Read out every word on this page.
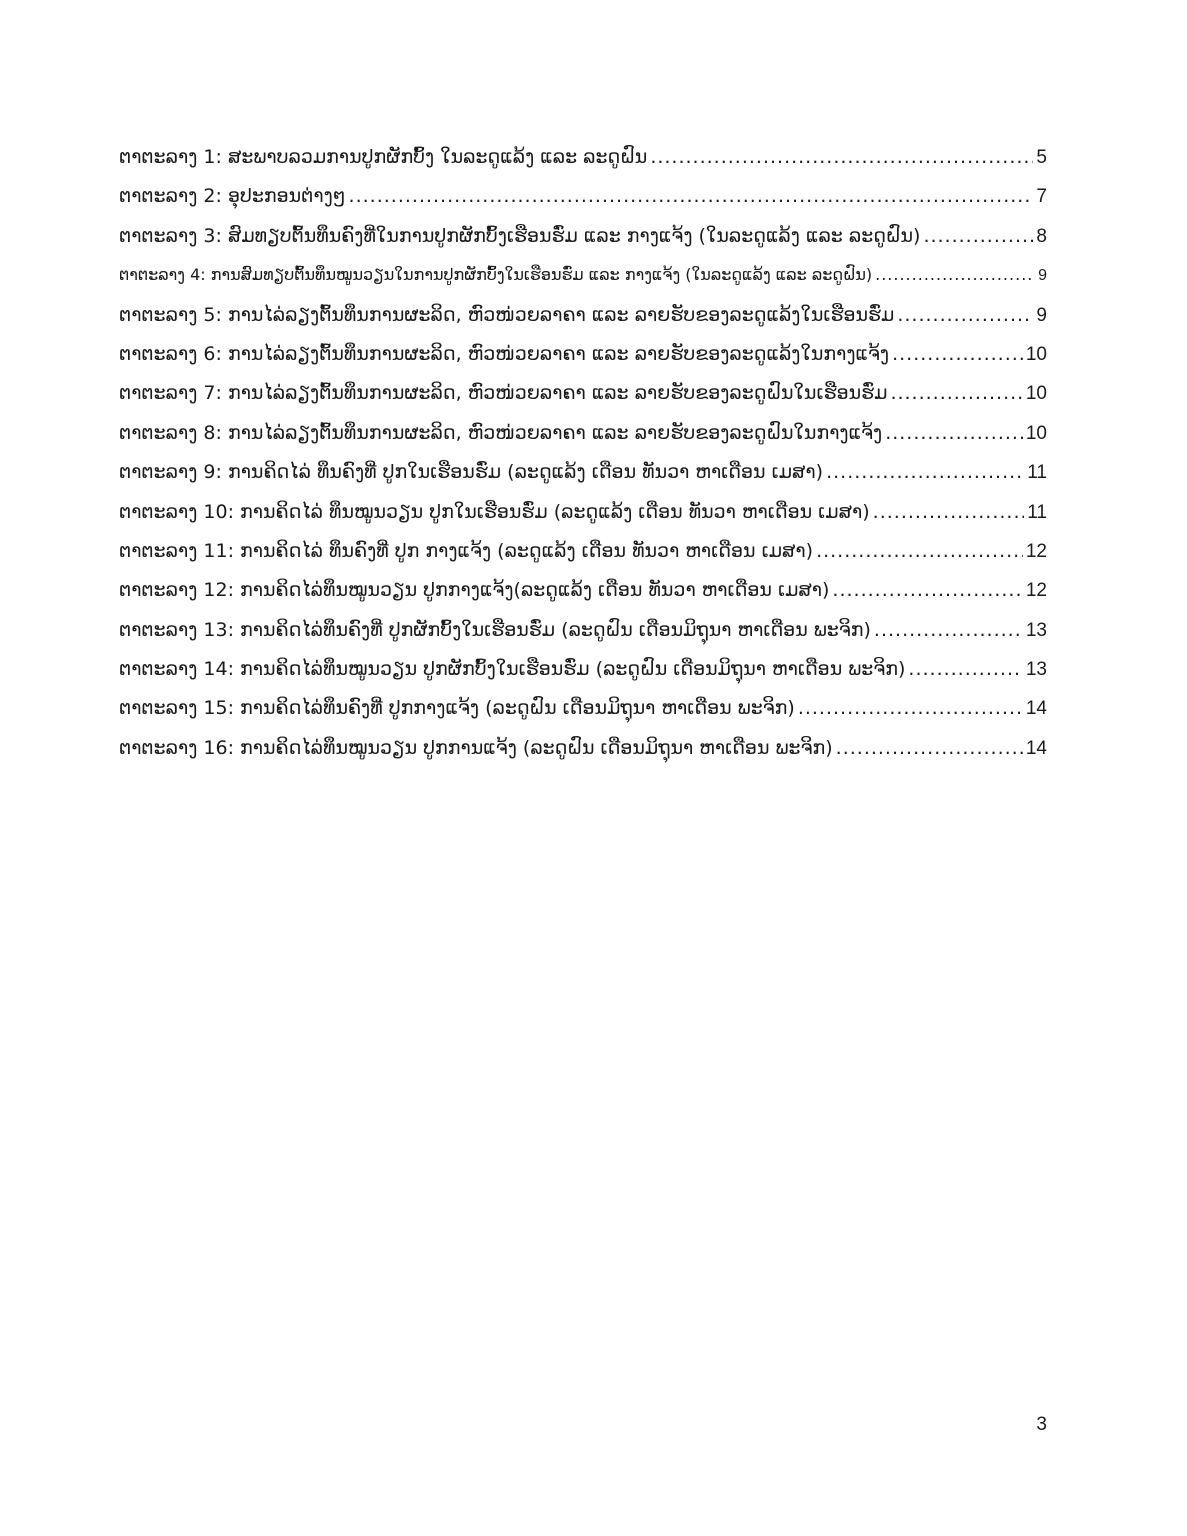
ຕາຕະລາງ 1: ສະພາບລວມການປູກຜັກບົ້ງ ໃນລະດູແລ້ງ ແລະ ລະດູຝົນ .....	5
ຕາຕະລາງ 2: ອຸປະກອນຕ່າງໆ .....	7
ຕາຕະລາງ 3: ສົມທຽບຕົ້ນທຶນຄົງທີ່ໃນການປູກຜັກບົ້ງເຮືອນຮົ່ມ ແລະ ກາງແຈ້ງ (ໃນລະດູແລ້ງ ແລະ ລະດູຝົນ) .....	8
ຕາຕະລາງ 4: ການສົມທຽບຕົ້ນທຶນໝູນວຽນໃນການປູກຜັກບົ້ງໃນເຮືອນຮົ່ມ ແລະ ກາງແຈ້ງ (ໃນລະດູແລ້ງ ແລະ ລະດູຝົນ) .....	9
ຕາຕະລາງ 5: ການໄລ່ລຽງຕົ້ນທຶນການຜະລິດ, ຫົວໜ່ວຍລາຄາ ແລະ ລາຍຮັບຂອງລະດູແລ້ງໃນເຮືອນຮົ່ມ .....	9
ຕາຕະລາງ 6: ການໄລ່ລຽງຕົ້ນທຶນການຜະລິດ, ຫົວໜ່ວຍລາຄາ ແລະ ລາຍຮັບຂອງລະດູແລ້ງໃນກາງແຈ້ງ .....	10
ຕາຕະລາງ 7: ການໄລ່ລຽງຕົ້ນທຶນການຜະລິດ, ຫົວໜ່ວຍລາຄາ ແລະ ລາຍຮັບຂອງລະດູຝົນໃນເຮືອນຮົ່ມ .....	10
ຕາຕະລາງ 8: ການໄລ່ລຽງຕົ້ນທຶນການຜະລິດ, ຫົວໜ່ວຍລາຄາ ແລະ ລາຍຮັບຂອງລະດູຝົນໃນກາງແຈ້ງ .....	10
ຕາຕະລາງ 9: ການຄິດໄລ່ ທຶນຄົງທີ່ ປູກໃນເຮືອນຮົ່ມ (ລະດູແລ້ງ ເດືອນ ທັນວາ ຫາເດືອນ ເມສາ) .....	11
ຕາຕະລາງ 10: ການຄິດໄລ່ ທຶນໝູນວຽນ ປູກໃນເຮືອນຮົ່ມ (ລະດູແລ້ງ ເດືອນ ທັນວາ ຫາເດືອນ ເມສາ) .....	11
ຕາຕະລາງ 11: ການຄິດໄລ່ ທຶນຄົງທີ່ ປູກ ກາງແຈ້ງ (ລະດູແລ້ງ ເດືອນ ທັນວາ ຫາເດືອນ ເມສາ) .....	12
ຕາຕະລາງ 12: ການຄິດໄລ່ທຶນໝູນວຽນ ປູກກາງແຈ້ງ(ລະດູແລ້ງ ເດືອນ ທັນວາ ຫາເດືອນ ເມສາ) .....	12
ຕາຕະລາງ 13: ການຄິດໄລ່ທຶນຄົງທີ່ ປູກຜັກບົ້ງໃນເຮືອນຮົ່ມ (ລະດູຝົນ ເດືອນມິຖຸນາ ຫາເດືອນ ພະຈິກ) .....	13
ຕາຕະລາງ 14: ການຄິດໄລ່ທຶນໝູນວຽນ ປູກຜັກບົ້ງໃນເຮືອນຮົ່ມ (ລະດູຝົນ ເດືອນມິຖຸນາ ຫາເດືອນ ພະຈິກ) .....	13
ຕາຕະລາງ 15: ການຄິດໄລ່ທຶນຄົງທີ່ ປູກກາງແຈ້ງ (ລະດູຝົນ ເດືອນມິຖຸນາ ຫາເດືອນ ພະຈິກ) .....	14
ຕາຕະລາງ 16: ການຄິດໄລ່ທຶນໝູນວຽນ ປູກການແຈ້ງ (ລະດູຝົນ ເດືອນມິຖຸນາ ຫາເດືອນ ພະຈິກ) .....	14
3
